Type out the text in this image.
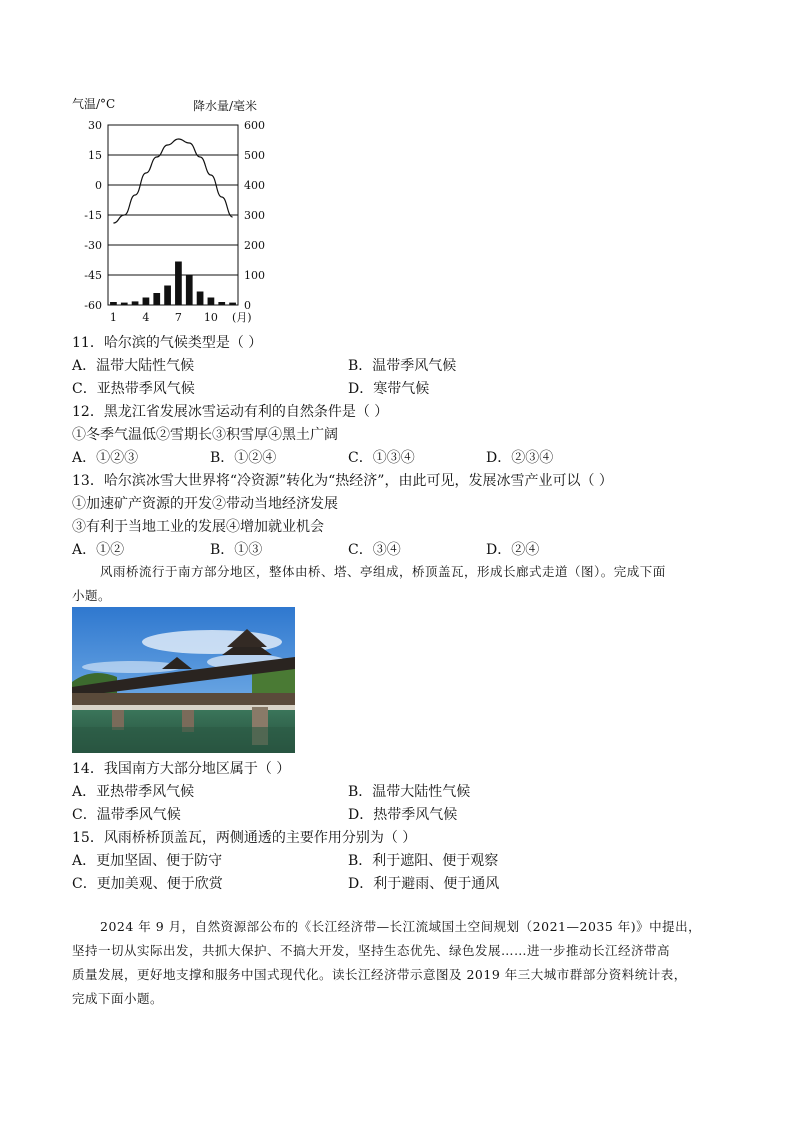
气温/°C	降水量/毫米
30	600
15	500
0	400
-15	300
-30	200
-45	100
-60	0
1 4 7 10 (月)
11．哈尔滨的气候类型是（ ）
A．温带大陆性气候	B．温带季风气候
C．亚热带季风气候	D．寒带气候
12．黑龙江省发展冰雪运动有利的自然条件是（ ）
①冬季气温低②雪期长③积雪厚④黑土广阔
A．①②③	B．①②④	C．①③④	D．②③④
13．哈尔滨冰雪大世界将“冷资源”转化为“热经济”，由此可见，发展冰雪产业可以（ ）
①加速矿产资源的开发②带动当地经济发展
③有利于当地工业的发展④增加就业机会
A．①②	B．①③	C．③④	D．②④
风雨桥流行于南方部分地区，整体由桥、塔、亭组成，桥顶盖瓦，形成长廊式走道（图）。完成下面
小题。
14．我国南方大部分地区属于（ ）
A．亚热带季风气候	B．温带大陆性气候
C．温带季风气候	D．热带季风气候
15．风雨桥桥顶盖瓦，两侧通透的主要作用分别为（ ）
A．更加坚固、便于防守	B．利于遮阳、便于观察
C．更加美观、便于欣赏	D．利于避雨、便于通风
2024 年 9 月，自然资源部公布的《长江经济带—长江流域国土空间规划（2021—2035 年)》中提出，
坚持一切从实际出发，共抓大保护、不搞大开发，坚持生态优先、绿色发展……进一步推动长江经济带高
质量发展，更好地支撑和服务中国式现代化。读长江经济带示意图及 2019 年三大城市群部分资料统计表，
完成下面小题。
